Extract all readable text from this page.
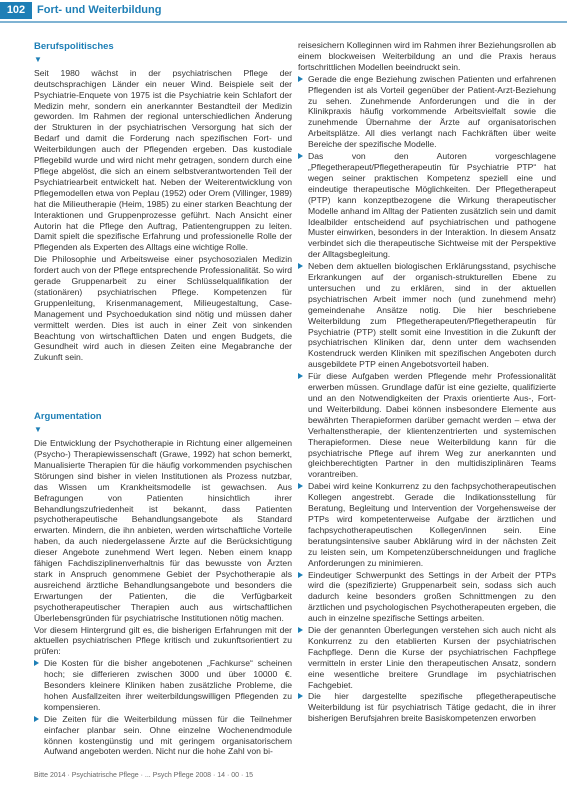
102	Fort- und Weiterbildung
Berufspolitisches
▼

Seit 1980 wächst in der psychiatrischen Pflege der deutschsprachigen Länder ein neuer Wind. Beispiele seit der Psychiatrie-Enquete von 1975 ist die Psychiatrie kein Schlafort der Medizin mehr, sondern ein anerkannter Bestandteil der Medizin geworden. Im Rahmen der regional unterschiedlichen Änderung der Strukturen in der psychiatrischen Versorgung hat sich der Bedarf und damit die Forderung nach spezifischen Fort- und Weiterbildungen auch der Pflegenden ergeben. Das kustodiale Pflegebild wurde und wird nicht mehr getragen, sondern durch eine Pflege abgelöst, die sich an einem selbstverantwortenden Teil der Psychiatriearbeit entwickelt hat. Neben der Weiterentwicklung von Pflegemodellen etwa von Peplau (1952) oder Orem (Villinger, 1989) hat die Milieutherapie (Heim, 1985) zu einer starken Beachtung der Interaktionen und Gruppenprozesse geführt. Nach Ansicht einer Autorin hat die Pflege den Auftrag, Patientengruppen zu leiten. Damit spielt die spezifische Erfahrung und professionelle Rolle der Pflegenden als Experten des Alltags eine wichtige Rolle.

Die Philosophie und Arbeitsweise einer psychosozialen Medizin fordert auch von der Pflege entsprechende Professionalität. So wird gerade Gruppenarbeit zu einer Schlüsselqualifikation der (stationären) psychiatrischen Pflege. Kompetenzen für Gruppenleitung, Krisenmanagement, Milieugestaltung, Case-Management und Psychoedukation sind nötig und müssen daher vermittelt werden. Dies ist auch in einer Zeit von sinkenden Beachtung von wirtschaftlichen Daten und engen Budgets, die Gesundheit wird auch in diesen Zeiten eine Megabranche der Zukunft sein.

Argumentation
▼

Die Entwicklung der Psychotherapie in Richtung einer allgemeinen (Psycho-) Therapiewissenschaft (Grawe, 1992) hat schon bemerkt, Manualisierte Therapien für die häufig vorkommenden psychischen Störungen sind bisher in vielen Institutionen als Prozess nutzbar, das Wissen um Krankheitsmodelle ist gewachsen. Aus Befragungen von Patienten hinsichtlich ihrer Behandlungszufriedenheit ist bekannt, dass Patienten psychotherapeutische Behandlungsangebote als Standard erwarten. Mindern, die ihn anbieten, werden wirtschaftliche Vorteile haben, da auch niedergelassene Ärzte auf die Berücksichtigung dieser Angebote zunehmend Wert legen. Neben einem knapp fähigen Fachdisziplinenverhaltnis für das bewusste von Ärzten stark in Anspruch genommene Gebiet der Psychotherapie als ausreichend ärztliche Behandlungsangebote und besonders die Erwartungen der Patienten, die die Verfügbarkeit psychotherapeutischer Therapien auch aus wirtschaftlichen Überlebensgründen für psychiatrische Institutionen nötig machen.

Vor diesem Hintergrund gilt es, die bisherigen Erfahrungen mit der aktuellen psychiatrischen Pflege kritisch und zukunftsorientiert zu prüfen:

Die Kosten für die bisher angebotenen „Fachkurse“ scheinen hoch; sie differieren zwischen 3000 und über 10000 €. Besonders kleinere Kliniken haben zusätzliche Probleme, die hohen Ausfallzeiten ihrer weiterbildungswilligen Pflegenden zu kompensieren.
Die Zeiten für die Weiterbildung müssen für die Teilnehmer einfacher planbar sein. Ohne einzelne Wochenendmodule können kostengünstig und mit geringem organisatorischem Aufwand angeboten werden. Nicht nur die hohe Zahl von bi-

reisesichern Kolleginnen wird im Rahmen ihrer Beziehungsrollen ab einem blockweisen Weiterbildung an und die Praxis heraus fortschrittlichen Modellen beeindruckt sein.

Gerade die enge Beziehung zwischen Patienten und erfahrenen Pflegenden ist als Vorteil gegenüber der Patient-Arzt-Beziehung zu sehen. Zunehmende Anforderungen und die in der Klinikpraxis häufig vorkommende Arbeitsvielfalt sowie die zunehmende Übernahme der Ärzte auf organisatorischen Arbeitsplätze. All dies verlangt nach Fachkräften über weite Bereiche der spezifische Modelle.
Das von den Autoren vorgeschlagene „Pflegetherapeut/Pflegetherapeutin für Psychiatrie PTP“ hat wegen seiner praktischen Kompetenz speziell eine und eindeutige therapeutische Möglichkeiten. Der Pflegetherapeut (PTP) kann konzeptbezogene die Wirkung therapeutischer Modelle anhand im Alltag der Patienten zusätzlich sein und damit Idealbilder entscheidend auf psychiatrischen und pathogene Muster einwirken, besonders in der Interaktion. In diesem Ansatz verbindet sich die therapeutische Sichtweise mit der Perspektive der Alltagsbegleitung.
Neben dem aktuellen biologischen Erklärungsstand, psychische Erkrankungen auf der organisch-strukturellen Ebene zu untersuchen und zu erklären, sind in der aktuellen psychiatrischen Arbeit immer noch (und zunehmend mehr) gemeindenahe Ansätze notig. Die hier beschriebene Weiterbildung zum Pflegetherapeuten/Pflegetherapeutin für Psychiatrie (PTP) stellt somit eine Investition in die Zukunft der psychiatrischen Kliniken dar, denn unter dem wachsenden Kostendruck werden Kliniken mit spezifischen Angeboten durch ausgebildete PTP einen Angebotsvorteil haben.
Für diese Aufgaben werden Pflegende mehr Professionalität erwerben müssen. Grundlage dafür ist eine gezielte, qualifizierte und an den Notwendigkeiten der Praxis orientierte Aus-, Fort- und Weiterbildung. Dabei können insbesondere Elemente aus bewährten Therapieformen darüber gemacht werden – etwa der Verhaltenstherapie, der klientenzentrierten und systemischen Therapieformen. Diese neue Weiterbildung kann für die psychiatrische Pflege auf ihrem Weg zur anerkannten und gleichberechtigten Partner in den multidisziplinären Teams vorantreiben.
Dabei wird keine Konkurrenz zu den fachpsychotherapeutischen Kollegen angestrebt. Gerade die Indikationsstellung für Beratung, Begleitung und Intervention der Vorgehensweise der PTPs wird kompetenterweise Aufgabe der ärztlichen und fachpsychotherapeutischen Kollegen/innen sein. Eine beratungsintensive sauber Abklärung wird in der nächsten Zeit zu leisten sein, um Kompetenzüberschneidungen und fragliche Anforderungen zu minimieren.
Eindeutiger Schwerpunkt des Settings in der Arbeit der PTPs wird die (spezifizierte) Gruppenarbeit sein, sodass sich auch dadurch keine besonders großen Schnittmengen zu den ärztlichen und psychologischen Psychotherapeuten ergeben, die auch in einzelne spezifische Settings arbeiten.
Die der genannten Überlegungen verstehen sich auch nicht als Konkurrenz zu den etablierten Kursen der psychiatrischen Fachpflege. Denn die Kurse der psychiatrischen Fachpflege vermitteln in erster Linie den therapeutischen Ansatz, sondern eine wesentliche breitere Grundlage im psychiatrischen Fachgebiet.
Die hier dargestellte spezifische pflegetherapeutische Weiterbildung ist für psychiatrisch Tätige gedacht, die in ihrer bisherigen Berufsjahren breite Basiskompetenzen erworben
Bitte 2014 · Psychiatrische Pflege · ... Psych Pflege 2008 · 14 · 00 · 15
